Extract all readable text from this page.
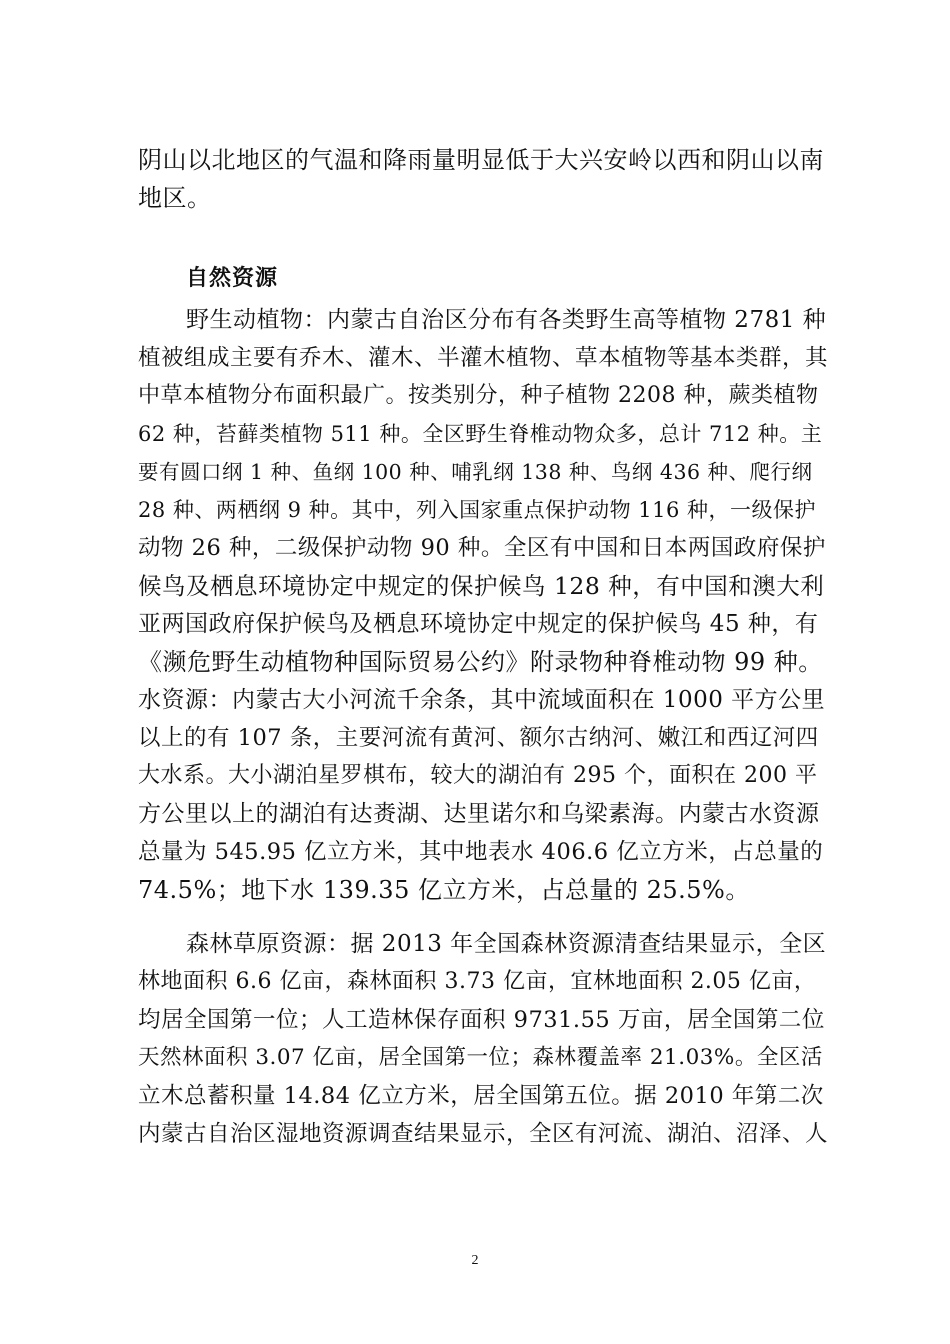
阴山以北地区的气温和降雨量明显低于大兴安岭以西和阴山以南
地区。
自然资源
野生动植物：内蒙古自治区分布有各类野生高等植物 2781 种
植被组成主要有乔木、灌木、半灌木植物、草本植物等基本类群，其
中草本植物分布面积最广。按类别分，种子植物 2208 种，蕨类植物
62 种，苔藓类植物 511 种。全区野生脊椎动物众多，总计 712 种。主
要有圆口纲 1 种、鱼纲 100 种、哺乳纲 138 种、鸟纲 436 种、爬行纲
28 种、两栖纲 9 种。其中，列入国家重点保护动物 116 种，一级保护
动物 26 种，二级保护动物 90 种。全区有中国和日本两国政府保护
候鸟及栖息环境协定中规定的保护候鸟 128 种，有中国和澳大利
亚两国政府保护候鸟及栖息环境协定中规定的保护候鸟 45 种，有
《濒危野生动植物种国际贸易公约》附录物种脊椎动物 99 种。
水资源：内蒙古大小河流千余条，其中流域面积在 1000 平方公里
以上的有 107 条，主要河流有黄河、额尔古纳河、嫩江和西辽河四
大水系。大小湖泊星罗棋布，较大的湖泊有 295 个，面积在 200 平
方公里以上的湖泊有达赉湖、达里诺尔和乌梁素海。内蒙古水资源
总量为 545.95 亿立方米，其中地表水 406.6 亿立方米，占总量的
74.5%；地下水 139.35 亿立方米，占总量的 25.5%。
森林草原资源：据 2013 年全国森林资源清查结果显示，全区
林地面积 6.6 亿亩，森林面积 3.73 亿亩，宜林地面积 2.05 亿亩，
均居全国第一位；人工造林保存面积 9731.55 万亩，居全国第二位
天然林面积 3.07 亿亩，居全国第一位；森林覆盖率 21.03%。全区活
立木总蓄积量 14.84 亿立方米，居全国第五位。据 2010 年第二次
内蒙古自治区湿地资源调查结果显示，全区有河流、湖泊、沼泽、人
2
